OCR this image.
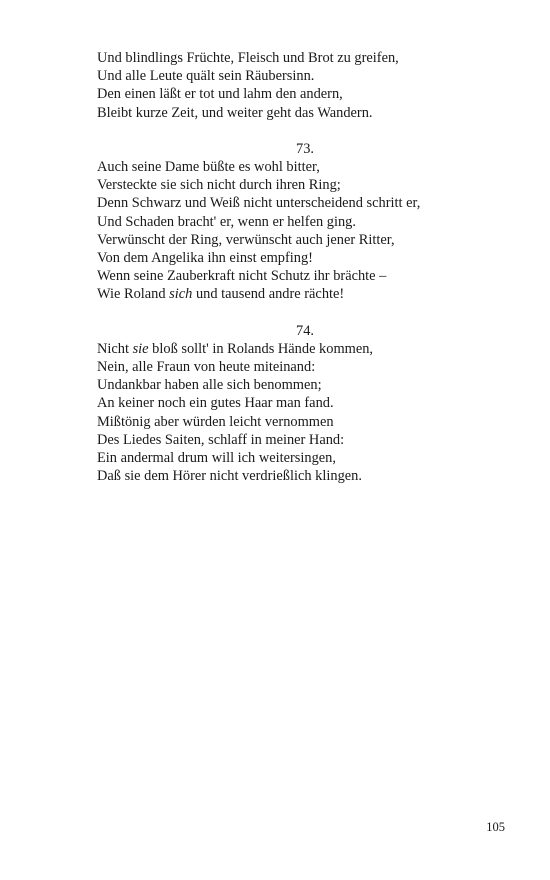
Und blindlings Früchte, Fleisch und Brot zu greifen,
Und alle Leute quält sein Räubersinn.
Den einen läßt er tot und lahm den andern,
Bleibt kurze Zeit, und weiter geht das Wandern.
73.
Auch seine Dame büßte es wohl bitter,
Versteckte sie sich nicht durch ihren Ring;
Denn Schwarz und Weiß nicht unterscheidend schritt er,
Und Schaden bracht' er, wenn er helfen ging.
Verwünscht der Ring, verwünscht auch jener Ritter,
Von dem Angelika ihn einst empfing!
Wenn seine Zauberkraft nicht Schutz ihr brächte –
Wie Roland sich und tausend andre rächte!
74.
Nicht sie bloß sollt' in Rolands Hände kommen,
Nein, alle Fraun von heute miteinand:
Undankbar haben alle sich benommen;
An keiner noch ein gutes Haar man fand.
Mißtönig aber würden leicht vernommen
Des Liedes Saiten, schlaff in meiner Hand:
Ein andermal drum will ich weitersingen,
Daß sie dem Hörer nicht verdrießlich klingen.
105
